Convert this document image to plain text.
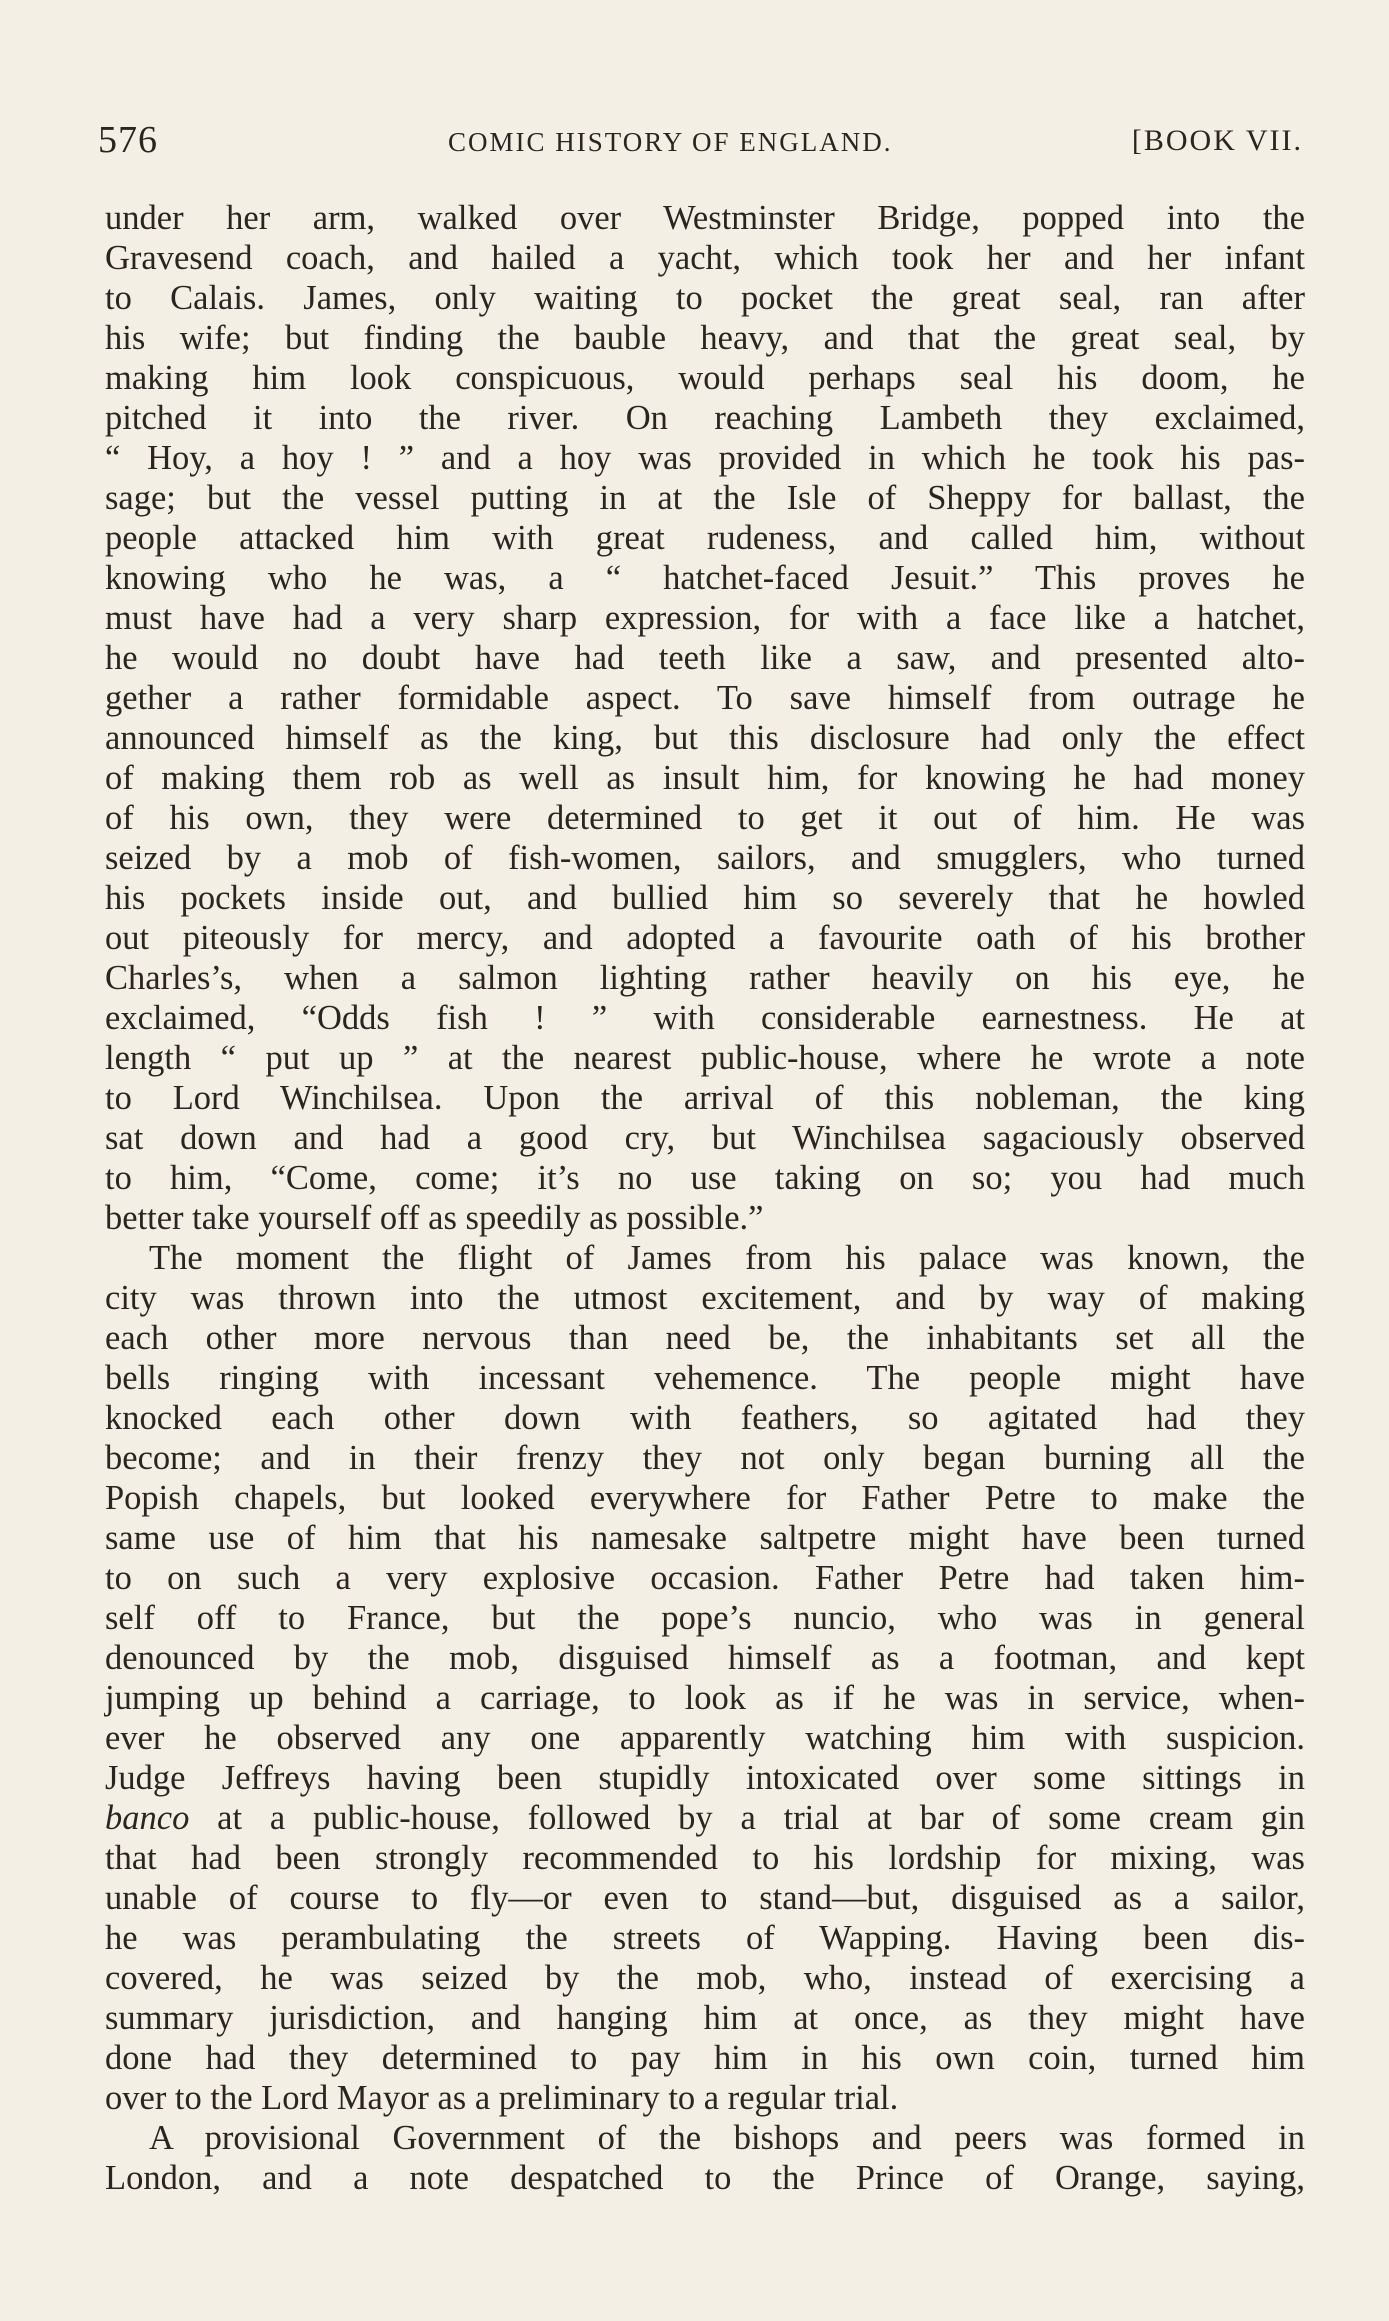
576	COMIC HISTORY OF ENGLAND.	[BOOK VII.
under her arm, walked over Westminster Bridge, popped into the
Gravesend coach, and hailed a yacht, which took her and her infant
to Calais. James, only waiting to pocket the great seal, ran after
his wife; but finding the bauble heavy, and that the great seal, by
making him look conspicuous, would perhaps seal his doom, he
pitched it into the river. On reaching Lambeth they exclaimed,
“ Hoy, a hoy ! ” and a hoy was provided in which he took his pas-
sage; but the vessel putting in at the Isle of Sheppy for ballast, the
people attacked him with great rudeness, and called him, without
knowing who he was, a “ hatchet-faced Jesuit.” This proves he
must have had a very sharp expression, for with a face like a hatchet,
he would no doubt have had teeth like a saw, and presented alto-
gether a rather formidable aspect. To save himself from outrage he
announced himself as the king, but this disclosure had only the effect
of making them rob as well as insult him, for knowing he had money
of his own, they were determined to get it out of him. He was
seized by a mob of fish-women, sailors, and smugglers, who turned
his pockets inside out, and bullied him so severely that he howled
out piteously for mercy, and adopted a favourite oath of his brother
Charles’s, when a salmon lighting rather heavily on his eye, he
exclaimed, “Odds fish ! ” with considerable earnestness. He at
length “ put up ” at the nearest public-house, where he wrote a note
to Lord Winchilsea. Upon the arrival of this nobleman, the king
sat down and had a good cry, but Winchilsea sagaciously observed
to him, “Come, come; it’s no use taking on so; you had much
better take yourself off as speedily as possible.”
The moment the flight of James from his palace was known, the
city was thrown into the utmost excitement, and by way of making
each other more nervous than need be, the inhabitants set all the
bells ringing with incessant vehemence. The people might have
knocked each other down with feathers, so agitated had they
become; and in their frenzy they not only began burning all the
Popish chapels, but looked everywhere for Father Petre to make the
same use of him that his namesake saltpetre might have been turned
to on such a very explosive occasion. Father Petre had taken him-
self off to France, but the pope’s nuncio, who was in general
denounced by the mob, disguised himself as a footman, and kept
jumping up behind a carriage, to look as if he was in service, when-
ever he observed any one apparently watching him with suspicion.
Judge Jeffreys having been stupidly intoxicated over some sittings in
banco at a public-house, followed by a trial at bar of some cream gin
that had been strongly recommended to his lordship for mixing, was
unable of course to fly—or even to stand—but, disguised as a sailor,
he was perambulating the streets of Wapping. Having been dis-
covered, he was seized by the mob, who, instead of exercising a
summary jurisdiction, and hanging him at once, as they might have
done had they determined to pay him in his own coin, turned him
over to the Lord Mayor as a preliminary to a regular trial.
A provisional Government of the bishops and peers was formed in
London, and a note despatched to the Prince of Orange, saying,
